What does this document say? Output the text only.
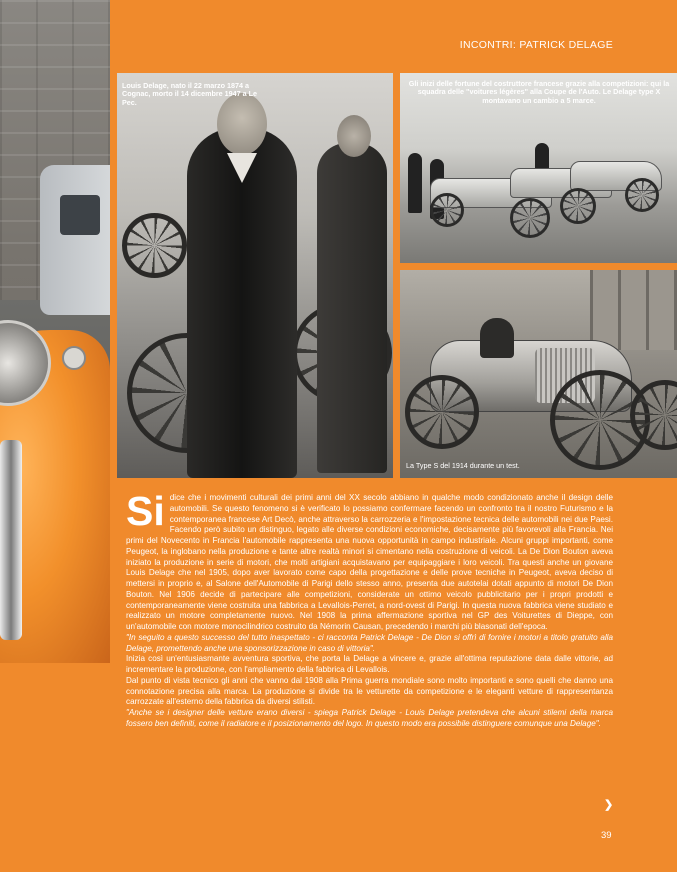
INCONTRI: PATRICK DELAGE
Louis Delage, nato il 22 marzo 1874 a Cognac, morto il 14 dicembre 1947 a Le Pec.
Gli inizi delle fortune del costruttore francese grazie alla competizioni: qui la squadra delle "voitures légères" alla Coupe de l'Auto. Le Delage type X montavano un cambio a 5 marce.
La Type S del 1914 durante un test.
Si dice che i movimenti culturali dei primi anni del XX secolo abbiano in qualche modo condizionato anche il design delle automobili. Se questo fenomeno si è verificato lo possiamo confermare facendo un confronto tra il nostro Futurismo e la contemporanea francese Art Decò, anche attraverso la carrozzeria e l'impostazione tecnica delle automobili nei due Paesi. Facendo però subito un distinguo, legato alle diverse condizioni economiche, decisamente più favorevoli alla Francia. Nei primi del Novecento in Francia l'automobile rappresenta una nuova opportunità in campo industriale. Alcuni gruppi importanti, come Peugeot, la inglobano nella produzione e tante altre realtà minori si cimentano nella costruzione di veicoli. La De Dion Bouton aveva iniziato la produzione in serie di motori, che molti artigiani acquistavano per equipaggiare i loro veicoli. Tra questi anche un giovane Louis Delage che nel 1905, dopo aver lavorato come capo della progettazione e delle prove tecniche in Peugeot, aveva deciso di mettersi in proprio e, al Salone dell'Automobile di Parigi dello stesso anno, presenta due autotelai dotati appunto di motori De Dion Bouton. Nel 1906 decide di partecipare alle competizioni, considerate un ottimo veicolo pubblicitario per i propri prodotti e contemporaneamente viene costruita una fabbrica a Levallois-Perret, a nord-ovest di Parigi. In questa nuova fabbrica viene studiato e realizzato un motore completamente nuovo. Nel 1908 la prima affermazione sportiva nel GP des Voiturettes di Dieppe, con un'automobile con motore monocilindrico costruito da Némorin Causan, precedendo i marchi più blasonati dell'epoca.

"In seguito a questo successo del tutto inaspettato - ci racconta Patrick Delage - De Dion si offrì di fornire i motori a titolo gratuito alla Delage, promettendo anche una sponsorizzazione in caso di vittoria".

Inizia così un'entusiasmante avventura sportiva, che porta la Delage a vincere e, grazie all'ottima reputazione data dalle vittorie, ad incrementare la produzione, con l'ampliamento della fabbrica di Levallois.

Dal punto di vista tecnico gli anni che vanno dal 1908 alla Prima guerra mondiale sono molto importanti e sono quelli che danno una connotazione precisa alla marca. La produzione si divide tra le vetturette da competizione e le eleganti vetture di rappresentanza carrozzate all'esterno della fabbrica da diversi stilisti.

"Anche se i designer delle vetture erano diversi - spiega Patrick Delage - Louis Delage pretendeva che alcuni stilemi della marca fossero ben definiti, come il radiatore e il posizionamento del logo. In questo modo era possibile distinguere comunque una Delage".

❯
39
